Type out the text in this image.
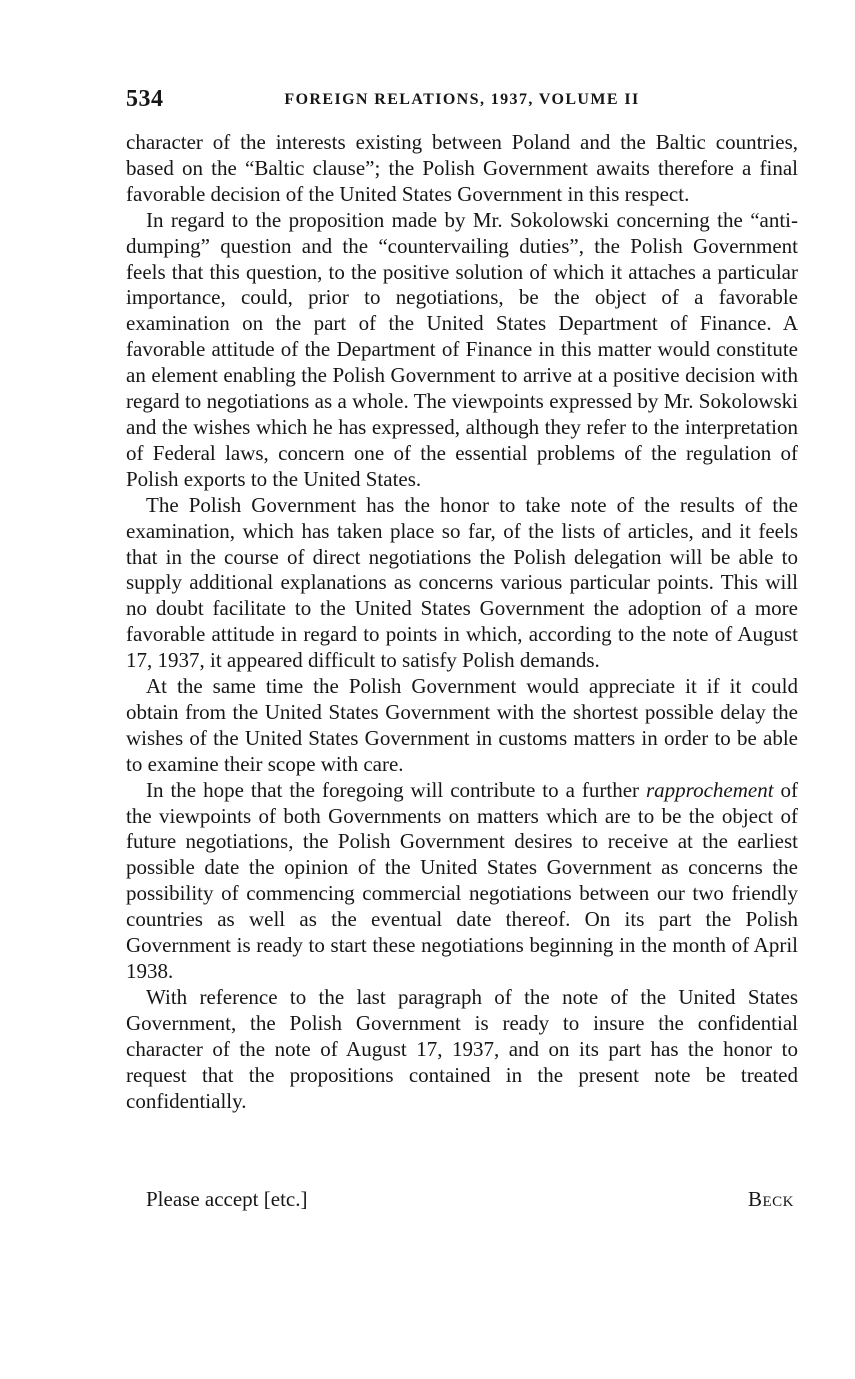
534	FOREIGN RELATIONS, 1937, VOLUME II

character of the interests existing between Poland and the Baltic countries, based on the “Baltic clause”; the Polish Government awaits therefore a final favorable decision of the United States Government in this respect.

In regard to the proposition made by Mr. Sokolowski concerning the “anti-dumping” question and the “countervailing duties”, the Polish Government feels that this question, to the positive solution of which it attaches a particular importance, could, prior to negotiations, be the object of a favorable examination on the part of the United States Department of Finance. A favorable attitude of the Department of Finance in this matter would constitute an element enabling the Polish Government to arrive at a positive decision with regard to negotiations as a whole. The viewpoints expressed by Mr. Sokolowski and the wishes which he has expressed, although they refer to the interpretation of Federal laws, concern one of the essential problems of the regulation of Polish exports to the United States.

The Polish Government has the honor to take note of the results of the examination, which has taken place so far, of the lists of articles, and it feels that in the course of direct negotiations the Polish delegation will be able to supply additional explanations as concerns various particular points. This will no doubt facilitate to the United States Government the adoption of a more favorable attitude in regard to points in which, according to the note of August 17, 1937, it appeared difficult to satisfy Polish demands.

At the same time the Polish Government would appreciate it if it could obtain from the United States Government with the shortest possible delay the wishes of the United States Government in customs matters in order to be able to examine their scope with care.

In the hope that the foregoing will contribute to a further rapprochement of the viewpoints of both Governments on matters which are to be the object of future negotiations, the Polish Government desires to receive at the earliest possible date the opinion of the United States Government as concerns the possibility of commencing commercial negotiations between our two friendly countries as well as the eventual date thereof. On its part the Polish Government is ready to start these negotiations beginning in the month of April 1938.

With reference to the last paragraph of the note of the United States Government, the Polish Government is ready to insure the confidential character of the note of August 17, 1937, and on its part has the honor to request that the propositions contained in the present note be treated confidentially.

Please accept [etc.]	Beck
